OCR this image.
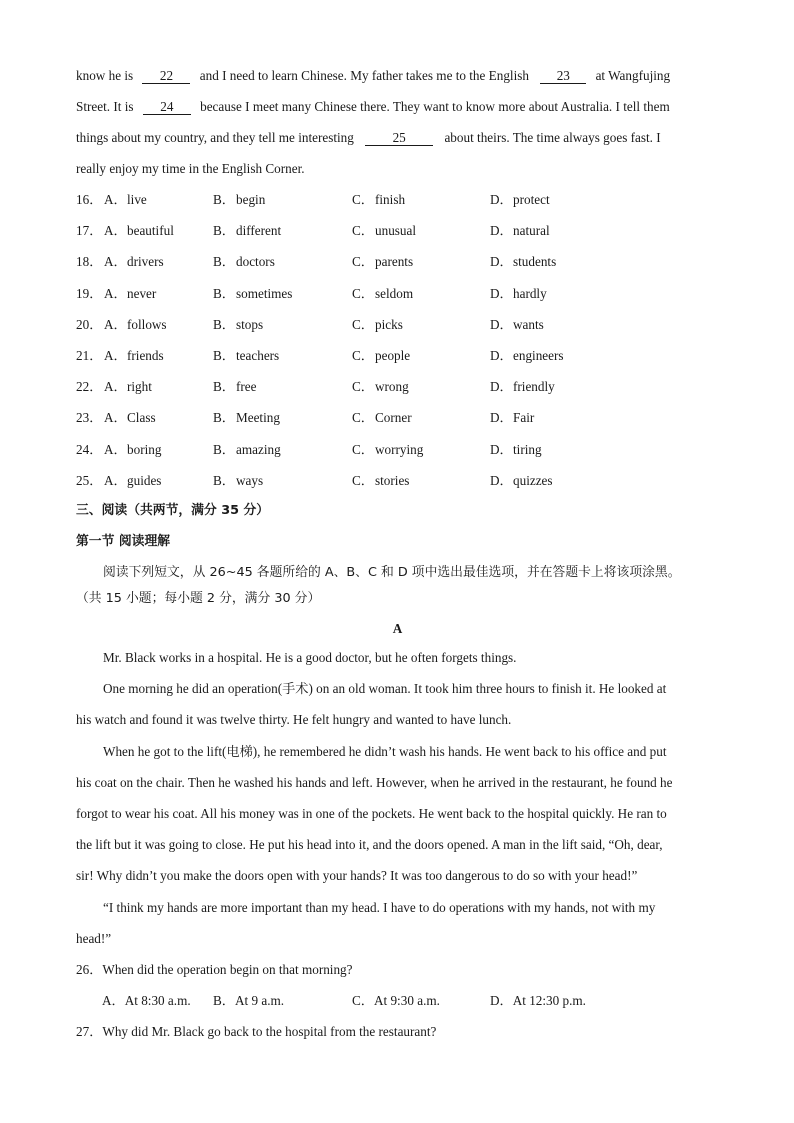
know he is 22 and I need to learn Chinese. My father takes me to the English 23 at Wangfujing
Street. It is 24 because I meet many Chinese there. They want to know more about Australia. I tell them
things about my country, and they tell me interesting	25	about theirs. The time always goes fast. I
really enjoy my time in the English Corner.
16． A．live	B．begin	C．finish	D．protect
17． A．beautiful	B．different	C．unusual	D．natural
18． A．drivers	B．doctors	C．parents	D．students
19． A．never	B．sometimes	C．seldom	D．hardly
20． A．follows	B．stops	C．picks	D．wants
21． A．friends	B．teachers	C．people	D．engineers
22． A．right	B．free	C．wrong	D．friendly
23． A．Class	B．Meeting	C．Corner	D．Fair
24． A．boring	B．amazing	C．worrying	D．tiring
25． A．guides	B．ways	C．stories	D．quizzes
三、阅读（共两节，满分 35 分）
第一节 阅读理解
阅读下列短文，从 26~45 各题所给的 A、B、C 和 D 项中选出最佳选项，并在答题卡上将该项涂黑。
（共 15 小题；每小题 2 分，满分 30 分）
A
Mr. Black works in a hospital. He is a good doctor, but he often forgets things.
One morning he did an operation(手术) on an old woman. It took him three hours to finish it. He looked at
his watch and found it was twelve thirty. He felt hungry and wanted to have lunch.
When he got to the lift(电梯), he remembered he didn’t wash his hands. He went back to his office and put
his coat on the chair. Then he washed his hands and left. However, when he arrived in the restaurant, he found he
forgot to wear his coat. All his money was in one of the pockets. He went back to the hospital quickly. He ran to
the lift but it was going to close. He put his head into it, and the doors opened. A man in the lift said, “Oh, dear,
sir! Why didn’t you make the doors open with your hands? It was too dangerous to do so with your head!”
“I think my hands are more important than my head. I have to do operations with my hands, not with my
head!”
26．When did the operation begin on that morning?
A．At 8:30 a.m. B．At 9 a.m.	C．At 9:30 a.m.	D．At 12:30 p.m.
27．Why did Mr. Black go back to the hospital from the restaurant?
